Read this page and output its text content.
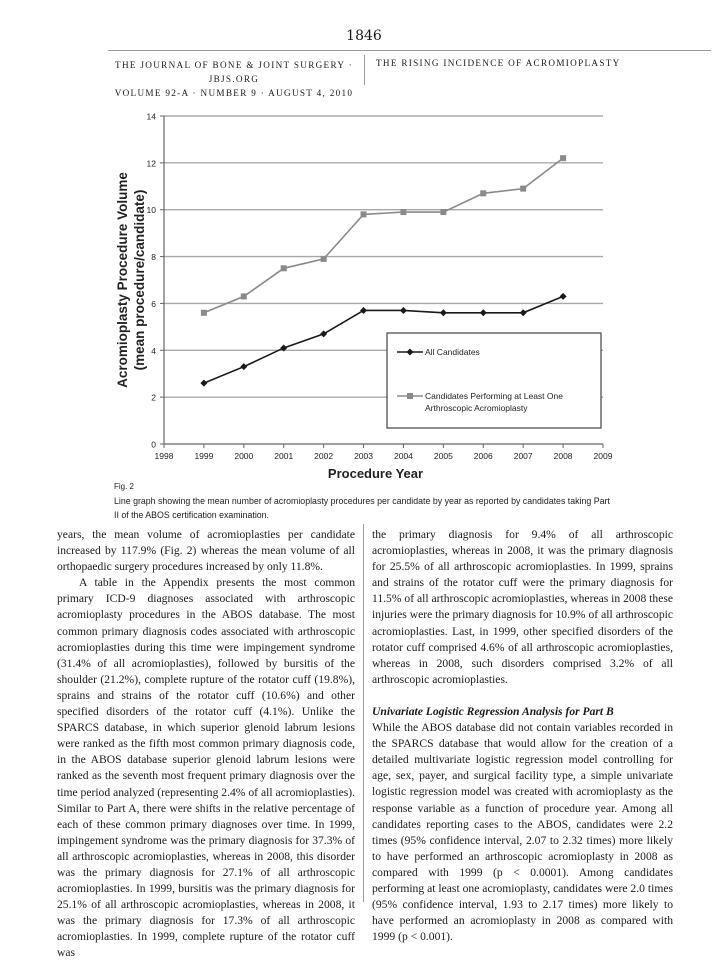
1846
THE JOURNAL OF BONE & JOINT SURGERY · JBJS.ORG
VOLUME 92-A · NUMBER 9 · AUGUST 4, 2010
THE RISING INCIDENCE OF ACROMIOPLASTY
0
2
4
6
8
10
12
14
1998 1999 2000 2001 2002 2003 2004 2005 2006 2007 2008 2009
Acromioplasty Procedure Volume (mean procedure/candidate)
Procedure Year
All Candidates
Candidates Performing at Least One Arthroscopic Acromioplasty
Fig. 2
Line graph showing the mean number of acromioplasty procedures per candidate by year as reported by candidates taking Part II of the ABOS certification examination.

years, the mean volume of acromioplasties per candidate increased by 117.9% (Fig. 2) whereas the mean volume of all orthopaedic surgery procedures increased by only 11.8%.

A table in the Appendix presents the most common primary ICD-9 diagnoses associated with arthroscopic acromioplasty procedures in the ABOS database. The most common primary diagnosis codes associated with arthroscopic acromioplasties during this time were impingement syndrome (31.4% of all acromioplasties), followed by bursitis of the shoulder (21.2%), complete rupture of the rotator cuff (19.8%), sprains and strains of the rotator cuff (10.6%) and other specified disorders of the rotator cuff (4.1%). Unlike the SPARCS database, in which superior glenoid labrum lesions were ranked as the fifth most common primary diagnosis code, in the ABOS database superior glenoid labrum lesions were ranked as the seventh most frequent primary diagnosis over the time period analyzed (representing 2.4% of all acromioplasties). Similar to Part A, there were shifts in the relative percentage of each of these common primary diagnoses over time. In 1999, impingement syndrome was the primary diagnosis for 37.3% of all arthroscopic acromioplasties, whereas in 2008, this disorder was the primary diagnosis for 27.1% of all arthroscopic acromioplasties. In 1999, bursitis was the primary diagnosis for 25.1% of all arthroscopic acromioplasties, whereas in 2008, it was the primary diagnosis for 17.3% of all arthroscopic acromioplasties. In 1999, complete rupture of the rotator cuff was

the primary diagnosis for 9.4% of all arthroscopic acromioplasties, whereas in 2008, it was the primary diagnosis for 25.5% of all arthroscopic acromioplasties. In 1999, sprains and strains of the rotator cuff were the primary diagnosis for 11.5% of all arthroscopic acromioplasties, whereas in 2008 these injuries were the primary diagnosis for 10.9% of all arthroscopic acromioplasties. Last, in 1999, other specified disorders of the rotator cuff comprised 4.6% of all arthroscopic acromioplasties, whereas in 2008, such disorders comprised 3.2% of all arthroscopic acromioplasties.

Univariate Logistic Regression Analysis for Part B

While the ABOS database did not contain variables recorded in the SPARCS database that would allow for the creation of a detailed multivariate logistic regression model controlling for age, sex, payer, and surgical facility type, a simple univariate logistic regression model was created with acromioplasty as the response variable as a function of procedure year. Among all candidates reporting cases to the ABOS, candidates were 2.2 times (95% confidence interval, 2.07 to 2.32 times) more likely to have performed an arthroscopic acromioplasty in 2008 as compared with 1999 (p < 0.0001). Among candidates performing at least one acromioplasty, candidates were 2.0 times (95% confidence interval, 1.93 to 2.17 times) more likely to have performed an acromioplasty in 2008 as compared with 1999 (p < 0.001).
